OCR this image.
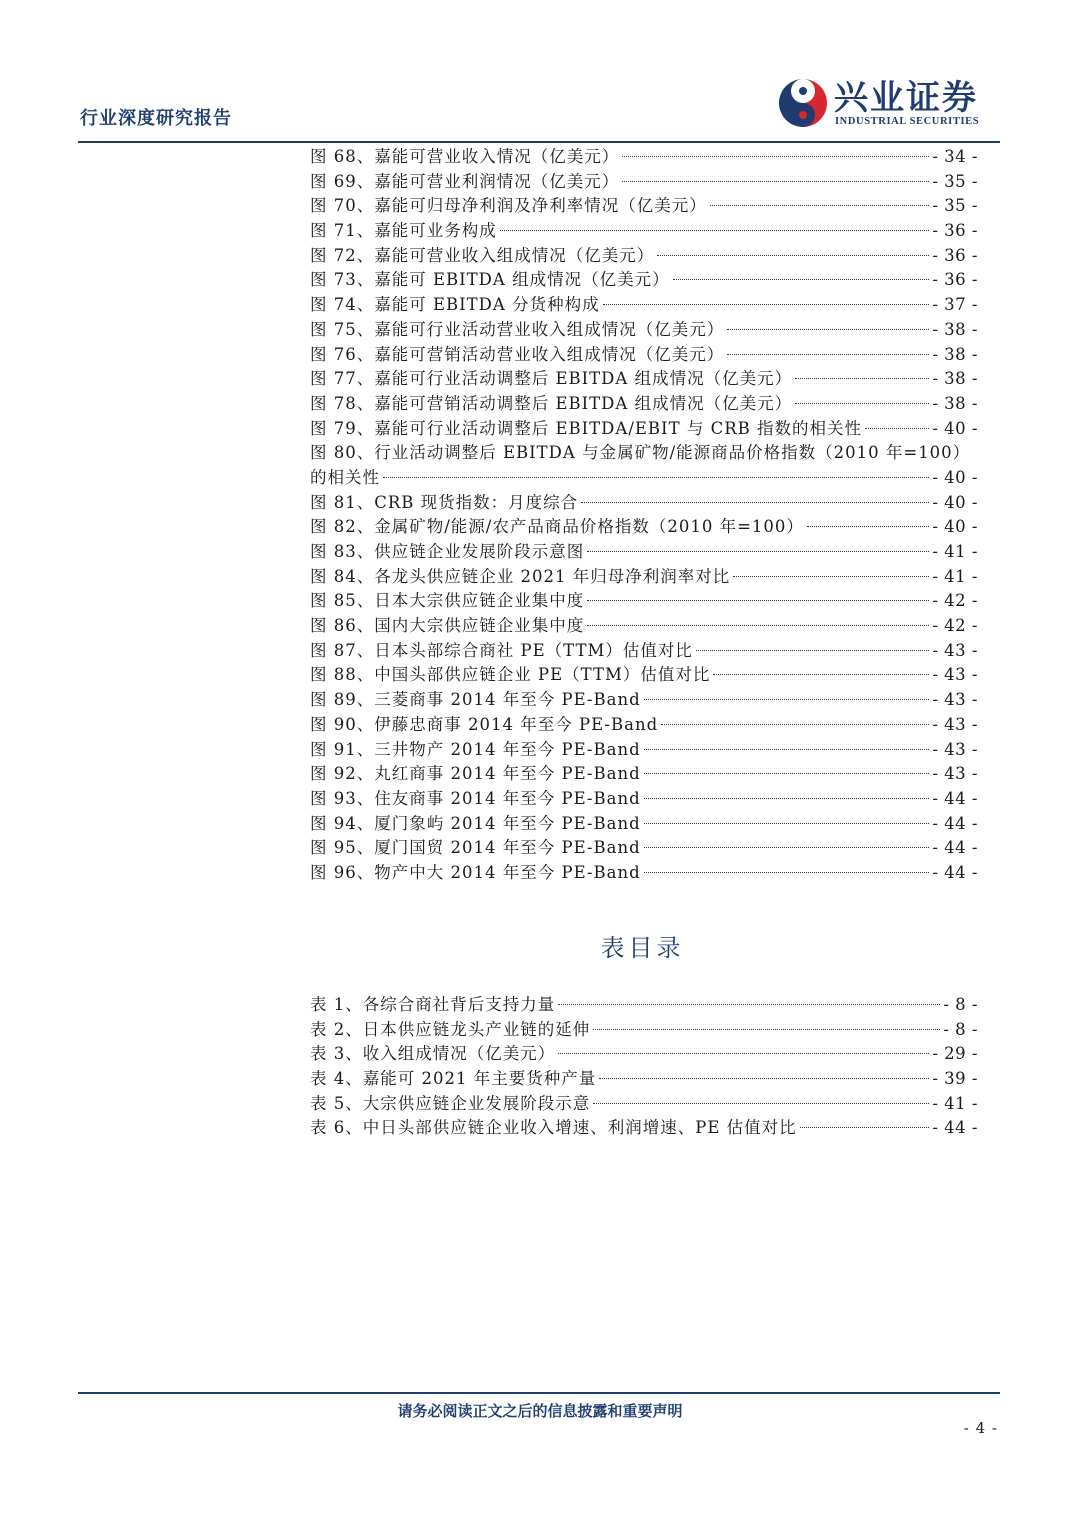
行业深度研究报告
兴业证券
INDUSTRIAL SECURITIES
图 68、嘉能可营业收入情况（亿美元）	- 34 -
图 69、嘉能可营业利润情况（亿美元）	- 35 -
图 70、嘉能可归母净利润及净利率情况（亿美元）	- 35 -
图 71、嘉能可业务构成	- 36 -
图 72、嘉能可营业收入组成情况（亿美元）	- 36 -
图 73、嘉能可 EBITDA 组成情况（亿美元）	- 36 -
图 74、嘉能可 EBITDA 分货种构成	- 37 -
图 75、嘉能可行业活动营业收入组成情况（亿美元）	- 38 -
图 76、嘉能可营销活动营业收入组成情况（亿美元）	- 38 -
图 77、嘉能可行业活动调整后 EBITDA 组成情况（亿美元）	- 38 -
图 78、嘉能可营销活动调整后 EBITDA 组成情况（亿美元）	- 38 -
图 79、嘉能可行业活动调整后 EBITDA/EBIT 与 CRB 指数的相关性	- 40 -
图 80、行业活动调整后 EBITDA 与金属矿物/能源商品价格指数（2010 年=100）
的相关性	- 40 -
图 81、CRB 现货指数：月度综合	- 40 -
图 82、金属矿物/能源/农产品商品价格指数（2010 年=100）	- 40 -
图 83、供应链企业发展阶段示意图	- 41 -
图 84、各龙头供应链企业 2021 年归母净利润率对比	- 41 -
图 85、日本大宗供应链企业集中度	- 42 -
图 86、国内大宗供应链企业集中度	- 42 -
图 87、日本头部综合商社 PE（TTM）估值对比	- 43 -
图 88、中国头部供应链企业 PE（TTM）估值对比	- 43 -
图 89、三菱商事 2014 年至今 PE-Band	- 43 -
图 90、伊藤忠商事 2014 年至今 PE-Band	- 43 -
图 91、三井物产 2014 年至今 PE-Band	- 43 -
图 92、丸红商事 2014 年至今 PE-Band	- 43 -
图 93、住友商事 2014 年至今 PE-Band	- 44 -
图 94、厦门象屿 2014 年至今 PE-Band	- 44 -
图 95、厦门国贸 2014 年至今 PE-Band	- 44 -
图 96、物产中大 2014 年至今 PE-Band	- 44 -
表目录
表 1、各综合商社背后支持力量	- 8 -
表 2、日本供应链龙头产业链的延伸	- 8 -
表 3、收入组成情况（亿美元）	- 29 -
表 4、嘉能可 2021 年主要货种产量	- 39 -
表 5、大宗供应链企业发展阶段示意	- 41 -
表 6、中日头部供应链企业收入增速、利润增速、PE 估值对比	- 44 -
请务必阅读正文之后的信息披露和重要声明
- 4 -
